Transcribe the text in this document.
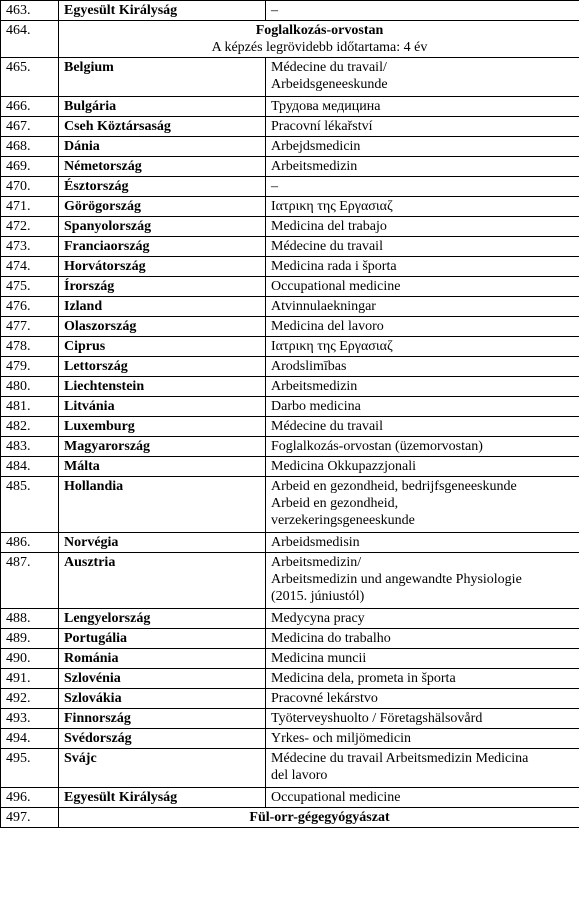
463.	Egyesült Királyság	–

464.	Foglalkozás-orvostan
A képzés legrövidebb időtartama: 4 év	

465.	Belgium	Médecine du travail/
Arbeidsgeneeskunde

466.	Bulgária	Трудова медицина

467.	Cseh Köztársaság	Pracovní lékařství

468.	Dánia	Arbejdsmedicin

469.	Németország	Arbeitsmedizin

470.	Észtország	–

471.	Görögország	Ιατρικη της Εργασιαζ

472.	Spanyolország	Medicina del trabajo

473.	Franciaország	Médecine du travail

474.	Horvátország	Medicina rada i športa

475.	Írország	Occupational medicine

476.	Izland	Atvinnulaekningar

477.	Olaszország	Medicina del lavoro

478.	Ciprus	Ιατρικη της Εργασιαζ

479.	Lettország	Arodslimības

480.	Liechtenstein	Arbeitsmedizin

481.	Litvánia	Darbo medicina

482.	Luxemburg	Médecine du travail

483.	Magyarország	Foglalkozás-orvostan (üzemorvostan)

484.	Málta	Medicina Okkupazzjonali

485.	Hollandia	Arbeid en gezondheid, bedrijfsgeneeskunde
Arbeid en gezondheid,
verzekeringsgeneeskunde

486.	Norvégia	Arbeidsmedisin

487.	Ausztria	Arbeitsmedizin/
Arbeitsmedizin und angewandte Physiologie
(2015. júniustól)

488.	Lengyelország	Medycyna pracy

489.	Portugália	Medicina do trabalho

490.	Románia	Medicina muncii

491.	Szlovénia	Medicina dela, prometa in športa

492.	Szlovákia	Pracovné lekárstvo

493.	Finnország	Työterveyshuolto / Företagshälsovård

494.	Svédország	Yrkes- och miljömedicin

495.	Svájc	Médecine du travail Arbeitsmedizin Medicina
del lavoro

496.	Egyesült Királyság	Occupational medicine

497.	Fül-orr-gégegyógyászat	
